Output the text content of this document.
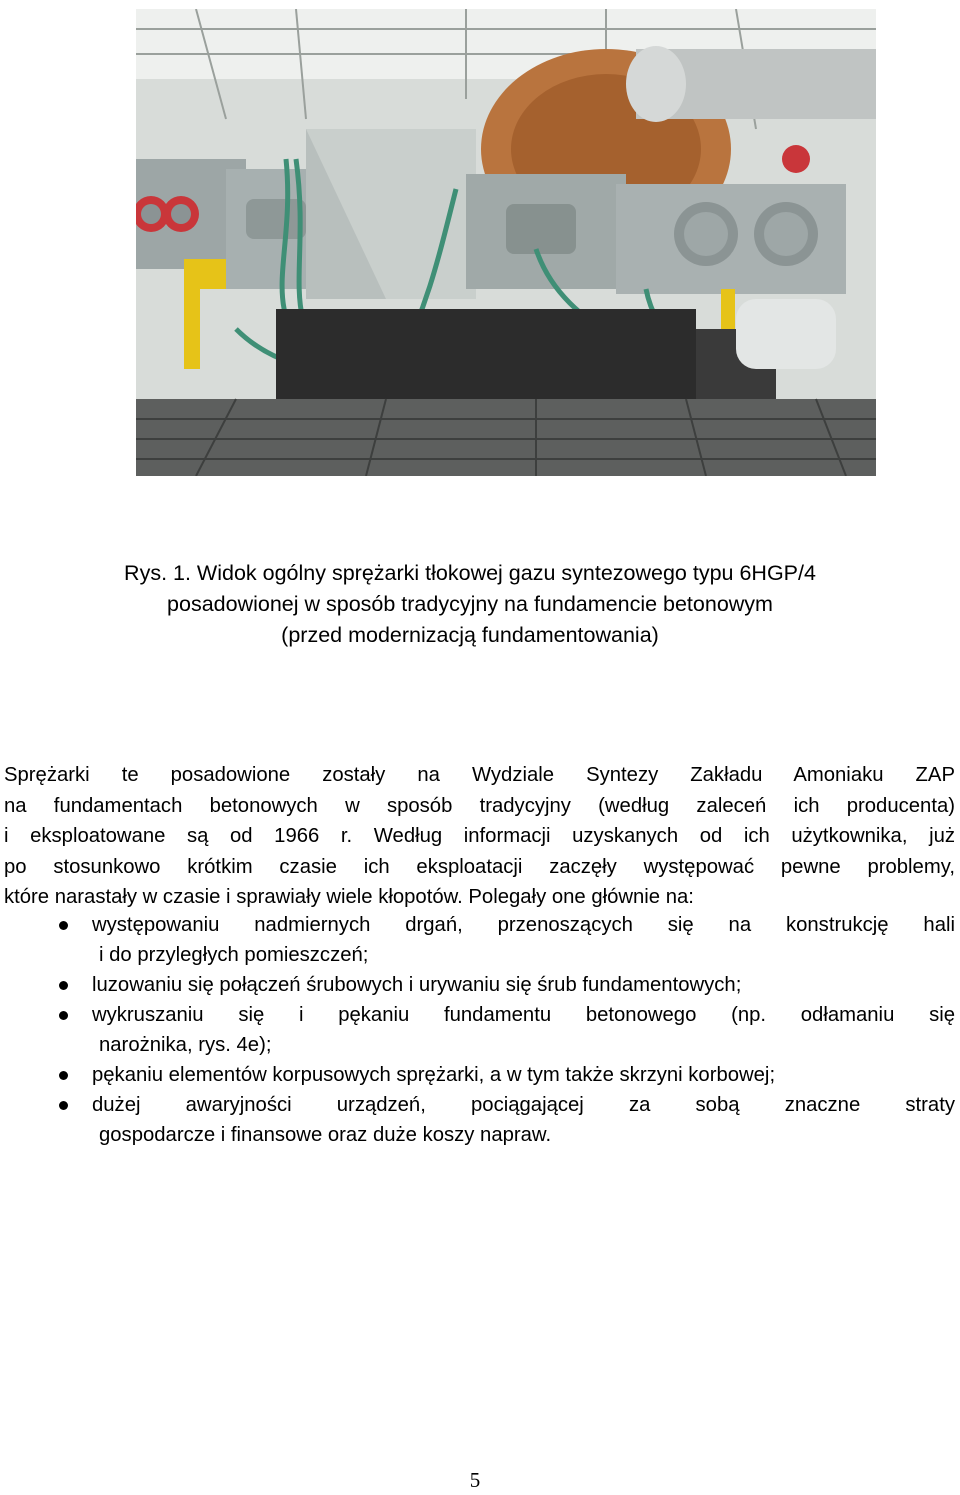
Rys. 1. Widok ogólny sprężarki tłokowej gazu syntezowego typu 6HGP/4

posadowionej w sposób tradycyjny na fundamencie betonowym

(przed modernizacją fundamentowania)

Sprężarki te posadowione zostały na Wydziale Syntezy Zakładu Amoniaku ZAP
na fundamentach betonowych w sposób tradycyjny (według zaleceń ich producenta)
i eksploatowane są od 1966 r. Według informacji uzyskanych od ich użytkownika, już
po stosunkowo krótkim czasie ich eksploatacji zaczęły występować pewne problemy,
które narastały w czasie i sprawiały wiele kłopotów. Polegały one głównie na:
występowaniu nadmiernych drgań, przenoszących się na konstrukcję hali
i do przyległych pomieszczeń;
luzowaniu się połączeń śrubowych i urywaniu się śrub fundamentowych;
wykruszaniu się i pękaniu fundamentu betonowego (np. odłamaniu się
narożnika, rys. 4e);
pękaniu elementów korpusowych sprężarki, a w tym także skrzyni korbowej;
dużej awaryjności urządzeń, pociągającej za sobą znaczne straty
gospodarcze i finansowe oraz duże koszy napraw.
5
